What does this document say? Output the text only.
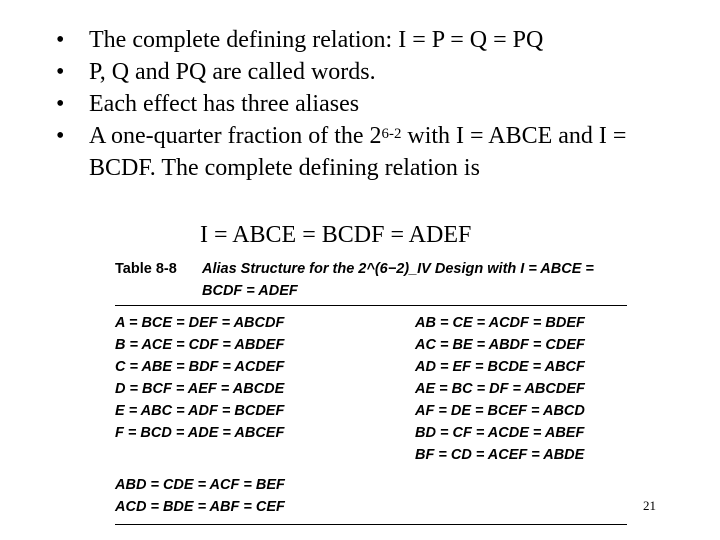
• The complete defining relation: I = P = Q = PQ
• P, Q and PQ are called words.
• Each effect has three aliases
• A one-quarter fraction of the 2$^{6-2}$ with I = ABCE and I = BCDF. The complete defining relation is
I = ABCE = BCDF = ADEF
Table 8-8	Alias Structure for the 2^(6−2)_IV Design with I = ABCE =
BCDF = ADEF
A = BCE = DEF = ABCDF
B = ACE = CDF = ABDEF
C = ABE = BDF = ACDEF
D = BCF = AEF = ABCDE
E = ABC = ADF = BCDEF
F = BCD = ADE = ABCEF
AB = CE = ACDF = BDEF
AC = BE = ABDF = CDEF
AD = EF = BCDE = ABCF
AE = BC = DF = ABCDEF
AF = DE = BCEF = ABCD
BD = CF = ACDE = ABEF
BF = CD = ACEF = ABDE
ABD = CDE = ACF = BEF
ACD = BDE = ABF = CEF	21
